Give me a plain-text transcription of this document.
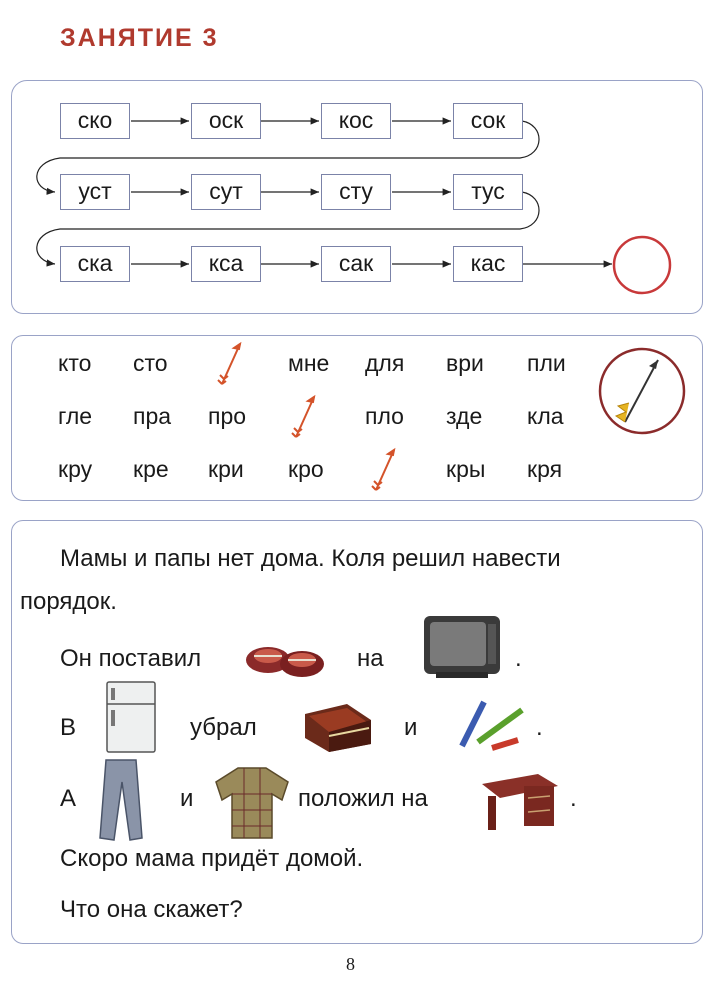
ЗАНЯТИЕ 3
ско	оск	кос	сок
уст	сут	сту	тус
ска	кса	сак	кас
кто сто	мне для ври пли
гле пра про	пло зде кла
кру кре кри кро	кры кря
Мамы и папы нет дома. Коля решил навести
порядок.
Он поставил	на	.
В	убрал	и	.
А	и	положил на	.
Скоро мама придёт домой.
Что она скажет?
8
